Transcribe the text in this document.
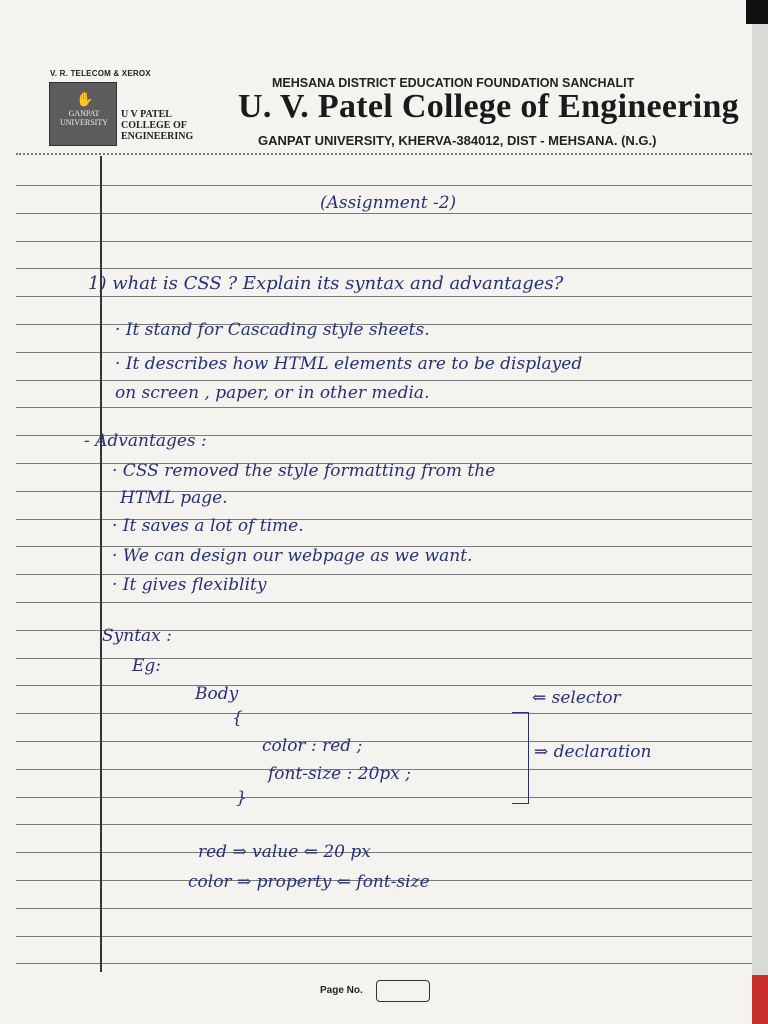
V. R. TELECOM & XEROX
✋
GANPAT UNIVERSITY
U V PATEL
COLLEGE OF
ENGINEERING
MEHSANA DISTRICT EDUCATION FOUNDATION SANCHALIT
U. V. Patel College of Engineering
GANPAT UNIVERSITY, KHERVA-384012, DIST - MEHSANA. (N.G.)
(Assignment -2)
1) what is CSS ? Explain its syntax and advantages?
· It stand for Cascading style sheets.
· It describes how HTML elements are to be displayed
on screen , paper, or in other media.
- Advantages :
· CSS removed the style formatting from the
HTML page.
· It saves a lot of time.
· We can design our webpage as we want.
· It gives flexiblity
Syntax :
Eg:
Body
{
color : red ;
font-size : 20px ;
}
⇐ selector
⇒ declaration
red ⇒ value ⇐ 20 px
color ⇒ property ⇐ font-size
Page No.
